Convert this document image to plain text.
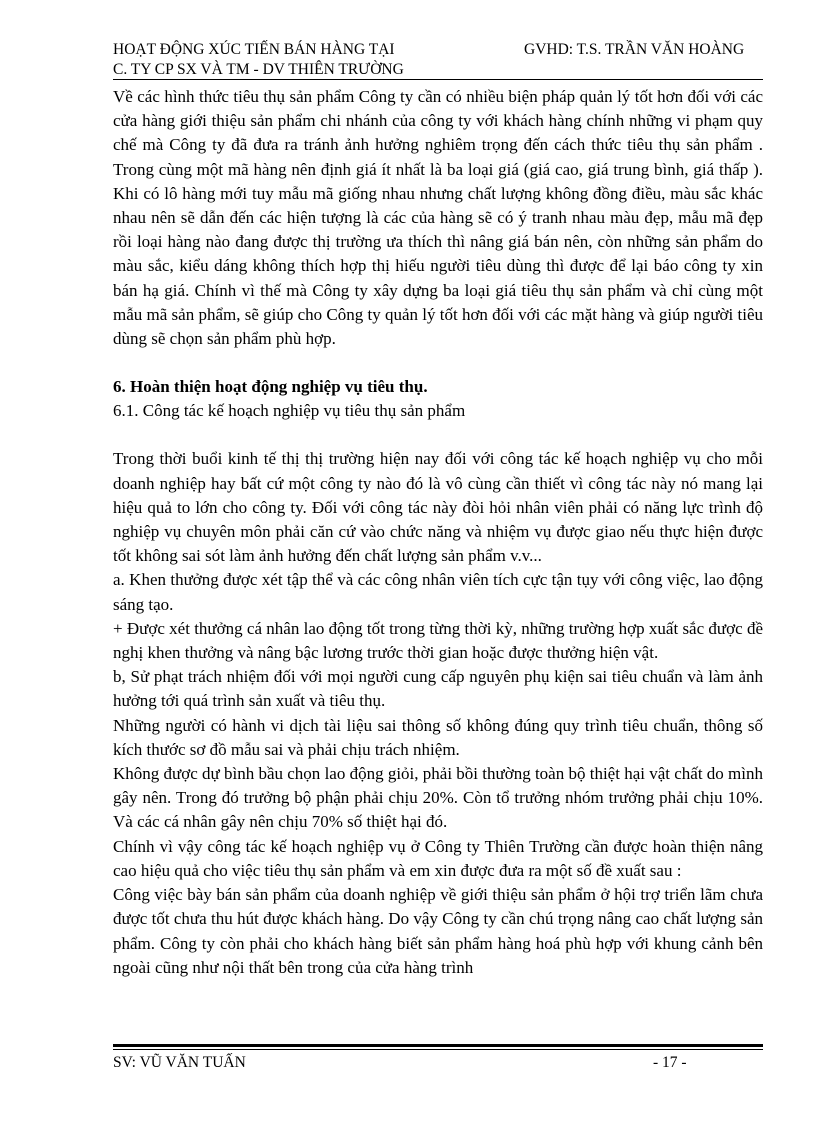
HOẠT ĐỘNG XÚC TIẾN BÁN HÀNG TẠI
C. TY CP SX VÀ TM - DV THIÊN TRƯỜNG
GVHD: T.S. TRẦN VĂN HOÀNG

Về các hình thức tiêu thụ sản phẩm Công ty cần có nhiều biện pháp quản lý tốt hơn đối với các cửa hàng giới thiệu sản phẩm chi nhánh của công ty với khách hàng chính những vi phạm quy chế mà Công ty đã đưa ra tránh ảnh hưởng nghiêm trọng đến cách thức tiêu thụ sản phẩm . Trong cùng một mã hàng nên định giá ít nhất là ba loại giá (giá cao, giá trung bình, giá thấp ). Khi có lô hàng mới tuy mẫu mã giống nhau nhưng chất lượng không đồng điều, màu sắc khác nhau nên sẽ dẫn đến các hiện tượng là các của hàng sẽ có ý tranh nhau màu đẹp, mẫu mã đẹp rồi loại hàng nào đang được thị trường ưa thích thì nâng giá bán nên, còn những sản phẩm do màu sắc, kiểu dáng không thích hợp thị hiếu người tiêu dùng thì được để lại báo công ty xin bán hạ giá. Chính vì thế mà Công ty xây dựng ba loại giá tiêu thụ sản phẩm và chỉ cùng một mẫu mã sản phẩm, sẽ giúp cho Công ty quản lý tốt hơn đối với các mặt hàng và giúp người tiêu dùng sẽ chọn sản phẩm phù hợp.

6. Hoàn thiện hoạt động nghiệp vụ tiêu thụ.

6.1. Công tác kế hoạch nghiệp vụ tiêu thụ sản phẩm

Trong thời buổi kinh tế thị thị trường hiện nay đối với công tác kế hoạch nghiệp vụ cho mỗi doanh nghiệp hay bất cứ một công ty nào đó là vô cùng cần thiết vì công tác này nó mang lại hiệu quả to lớn cho công ty. Đối với công tác này đòi hỏi nhân viên phải có năng lực trình độ nghiệp vụ chuyên môn phải căn cứ vào chức năng và nhiệm vụ được giao nếu thực hiện được tốt không sai sót làm ảnh hưởng đến chất lượng sản phẩm v.v...

a. Khen thưởng được xét tập thể và các công nhân viên tích cực tận tụy với công việc, lao động sáng tạo.

+ Được xét thưởng cá nhân lao động tốt trong từng thời kỳ, những trường hợp xuất sắc được đề nghị khen thưởng và nâng bậc lương trước thời gian hoặc được thưởng hiện vật.

b, Sử phạt trách nhiệm đối với mọi người cung cấp nguyên phụ kiện sai tiêu chuẩn và làm ảnh hưởng tới quá trình sản xuất và tiêu thụ.

Những người có hành vi dịch tài liệu sai thông số không đúng quy trình tiêu chuẩn, thông số kích thước sơ đồ mẫu sai và phải chịu trách nhiệm.

Không được dự bình bầu chọn lao động giỏi, phải bồi thường toàn bộ thiệt hại vật chất do mình gây nên. Trong đó trưởng bộ phận phải chịu 20%. Còn tổ trưởng nhóm trưởng phải chịu 10%. Và các cá nhân gây nên chịu 70% số thiệt hại đó.

Chính vì vậy công tác kế hoạch nghiệp vụ ở Công ty Thiên Trường cần được hoàn thiện nâng cao hiệu quả cho việc tiêu thụ sản phẩm và em xin được đưa ra một số đề xuất sau :

Công việc bày bán sản phẩm của doanh nghiệp về giới thiệu sản phẩm ở hội trợ triển lãm chưa được tốt chưa thu hút được khách hàng. Do vậy Công ty cần chú trọng nâng cao chất lượng sản phẩm. Công ty còn phải cho khách hàng biết sản phẩm hàng hoá phù hợp với khung cảnh bên ngoài cũng như nội thất bên trong của cửa hàng trình

SV: VŨ VĂN TUẤN	- 17 -
